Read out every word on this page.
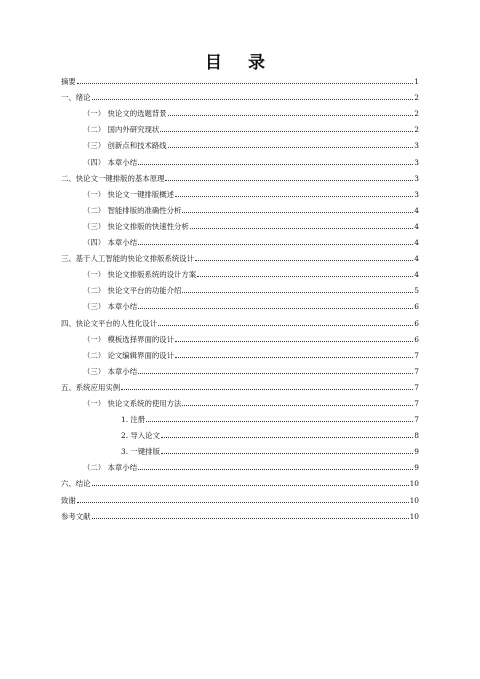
目 录
摘要	1
一、绪论	2
（一） 快论文的选题背景	2
（二） 国内外研究现状	2
（三） 创新点和技术路线	3
（四） 本章小结	3
二、快论文一键排版的基本原理	3
（一） 快论文一键排版概述	3
（二） 智能排版的准确性分析	4
（三） 快论文排版的快速性分析	4
（四） 本章小结	4
三、基于人工智能的快论文排版系统设计	4
（一） 快论文排版系统的设计方案	4
（二） 快论文平台的功能介绍	5
（三） 本章小结	6
四、快论文平台的人性化设计	6
（一） 模板选择界面的设计	6
（二） 论文编辑界面的设计	7
（三） 本章小结	7
五、系统应用实例	7
（一） 快论文系统的使用方法	7
1. 注册	7
2. 导入论文	8
3. 一键排版	9
（二） 本章小结	9
六、结论	10
致谢	10
参考文献	10
